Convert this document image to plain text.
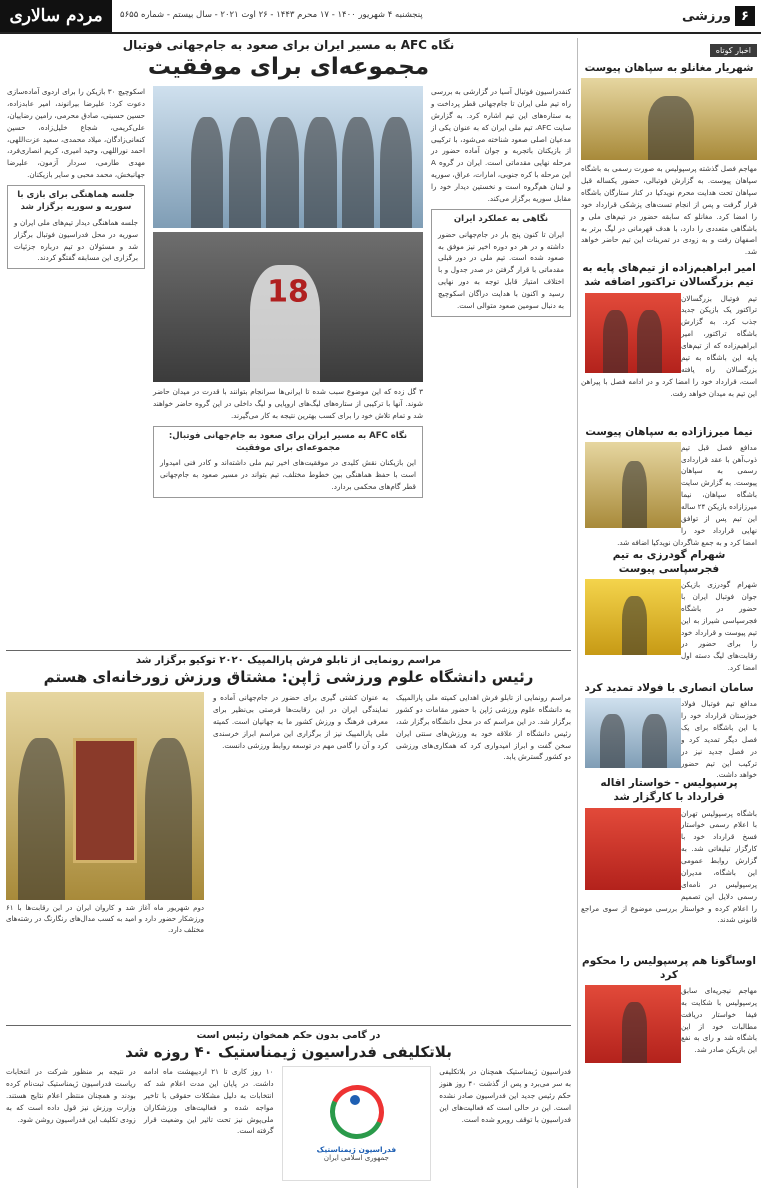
۶
ورزشی
پنجشنبه ۴ شهریور ۱۴۰۰ - ۱۷ محرم ۱۴۴۳ - ۲۶ اوت ۲۰۲۱ - سال بیستم - شماره ۵۶۵۵
مردم سالاری
اخبار کوتاه
شهریار مغانلو به سپاهان پیوست
مهاجم فصل گذشته پرسپولیس به صورت رسمی به باشگاه سپاهان پیوست. به گزارش فوتبالی، حضور یکساله قبل سپاهان تحت هدایت محرم نویدکیا در کنار ستارگان باشگاه قرار گرفت و پس از انجام تست‌های پزشکی قرارداد خود را امضا کرد. مغانلو که سابقه حضور در تیم‌های ملی و باشگاهی متعددی را دارد، با هدف قهرمانی در لیگ برتر به اصفهان رفت و به زودی در تمرینات این تیم حاضر خواهد شد.
امیر ابراهیم‌زاده از تیم‌های پایه به تیم بزرگسالان تراکتور اضافه شد
تیم فوتبال بزرگسالان تراکتور یک بازیکن جدید جذب کرد. به گزارش باشگاه تراکتور، امیر ابراهیم‌زاده که از تیم‌های پایه این باشگاه به تیم بزرگسالان راه یافته است، قرارداد خود را امضا کرد و در ادامه فصل با پیراهن این تیم به میدان خواهد رفت.
نیما میرزازاده به سپاهان پیوست
مدافع فصل قبل تیم ذوب‌آهن با عقد قراردادی رسمی به سپاهان پیوست. به گزارش سایت باشگاه سپاهان، نیما میرزازاده بازیکن ۲۴ ساله این تیم پس از توافق نهایی قرارداد خود را امضا کرد و به جمع شاگردان نویدکیا اضافه شد.
شهرام گودرزی به تیم فجرسپاسی پیوست
شهرام گودرزی بازیکن جوان فوتبال ایران با حضور در باشگاه فجرسپاسی شیراز به این تیم پیوست و قرارداد خود را برای حضور در رقابت‌های لیگ دسته اول امضا کرد.
سامان انصاری با فولاد تمدید کرد
مدافع تیم فوتبال فولاد خوزستان قرارداد خود را با این باشگاه برای یک فصل دیگر تمدید کرد و در فصل جدید نیز در ترکیب این تیم حضور خواهد داشت.
پرسپولیس - خواستار اقاله قرارداد با کارگزار شد
باشگاه پرسپولیس تهران با اعلام رسمی خواستار فسخ قرارداد خود با کارگزار تبلیغاتی شد. به گزارش روابط عمومی این باشگاه، مدیران پرسپولیس در نامه‌ای رسمی دلایل این تصمیم را اعلام کرده و خواستار بررسی موضوع از سوی مراجع قانونی شدند.
اوساگونا هم پرسپولیس را محکوم کرد
مهاجم نیجریه‌ای سابق پرسپولیس با شکایت به فیفا خواستار دریافت مطالبات خود از این باشگاه شد و رای به نفع این بازیکن صادر شد.
نگاه AFC به مسیر ایران برای صعود به جام‌جهانی فوتبال
مجموعه‌ای برای موفقیت
کنفدراسیون فوتبال آسیا در گزارشی به بررسی راه تیم ملی ایران تا جام‌جهانی قطر پرداخت و به ستاره‌های این تیم اشاره کرد. به گزارش سایت AFC، تیم ملی ایران که به عنوان یکی از مدعیان اصلی صعود شناخته می‌شود، با ترکیبی از بازیکنان باتجربه و جوان آماده حضور در مرحله نهایی مقدماتی است. ایران در گروه A این مرحله با کره جنوبی، امارات، عراق، سوریه و لبنان هم‌گروه است و نخستین دیدار خود را مقابل سوریه برگزار می‌کند.
نگاهی به عملکرد ایران
ایران تا کنون پنج بار در جام‌جهانی حضور داشته و در هر دو دوره اخیر نیز موفق به صعود شده است. تیم ملی در دور قبلی مقدماتی با قرار گرفتن در صدر جدول و با اختلاف امتیاز قابل توجه به دور نهایی رسید و اکنون با هدایت دراگان اسکوچیچ به دنبال سومین صعود متوالی است.
18
۳ گل زده که این موضوع سبب شده تا ایرانی‌ها سرانجام بتوانند با قدرت در میدان حاضر شوند. آنها با ترکیبی از ستاره‌های لیگ‌های اروپایی و لیگ داخلی در این گروه حاضر خواهند شد و تمام تلاش خود را برای کسب بهترین نتیجه به کار می‌گیرند.
نگاه AFC به مسیر ایران برای صعود به جام‌جهانی فوتبال: مجموعه‌ای برای موفقیت
این بازیکنان نقش کلیدی در موفقیت‌های اخیر تیم ملی داشته‌اند و کادر فنی امیدوار است با حفظ هماهنگی بین خطوط مختلف، تیم بتواند در مسیر صعود به جام‌جهانی قطر گام‌های محکمی بردارد.
اسکوچیچ ۳۰ بازیکن را برای اردوی آماده‌سازی دعوت کرد: علیرضا بیرانوند، امیر عابدزاده، حسین حسینی، صادق محرمی، رامین رضاییان، علی‌کریمی، شجاع خلیل‌زاده، حسین کنعانی‌زادگان، میلاد محمدی، سعید عزت‌اللهی، احمد نوراللهی، وحید امیری، کریم انصاری‌فرد، مهدی طارمی، سردار آزمون، علیرضا جهانبخش، محمد محبی و سایر بازیکنان.
جلسه هماهنگی برای بازی با سوریه و سوریه برگزار شد
جلسه هماهنگی دیدار تیم‌های ملی ایران و سوریه در محل فدراسیون فوتبال برگزار شد و مسئولان دو تیم درباره جزئیات برگزاری این مسابقه گفتگو کردند.
مراسم رونمایی از تابلو فرش پارالمپیک ۲۰۲۰ توکیو برگزار شد
رئیس دانشگاه علوم ورزشی ژاپن: مشتاق ورزش زورخانه‌ای هستم
مراسم رونمایی از تابلو فرش اهدایی کمیته ملی پارالمپیک به دانشگاه علوم ورزشی ژاپن با حضور مقامات دو کشور برگزار شد. در این مراسم که در محل دانشگاه برگزار شد، رئیس دانشگاه از علاقه خود به ورزش‌های سنتی ایران سخن گفت و ابراز امیدواری کرد که همکاری‌های ورزشی دو کشور گسترش یابد.
به عنوان کشتی گیری برای حضور در جام‌جهانی آماده و نمایندگی ایران در این رقابت‌ها فرصتی بی‌نظیر برای معرفی فرهنگ و ورزش کشور ما به جهانیان است. کمیته ملی پارالمپیک نیز از برگزاری این مراسم ابراز خرسندی کرد و آن را گامی مهم در توسعه روابط ورزشی دانست.
دوم شهریور ماه آغاز شد و کاروان ایران در این رقابت‌ها با ۶۱ ورزشکار حضور دارد و امید به کسب مدال‌های رنگارنگ در رشته‌های مختلف دارد.
در گامی بدون حکم همخوان رئیس است
بلاتکلیفی فدراسیون ژیمناستیک ۴۰ روزه شد
فدراسیون ژیمناستیک همچنان در بلاتکلیفی به سر می‌برد و پس از گذشت ۴۰ روز هنوز حکم رئیس جدید این فدراسیون صادر نشده است. این در حالی است که فعالیت‌های این فدراسیون با توقف روبرو شده است.
فدراسیون ژیمناستیک
جمهوری اسلامی ایران
۱۰ روز کاری تا ۲۱ اردیبهشت ماه ادامه داشت. در پایان این مدت اعلام شد که انتخابات به دلیل مشکلات حقوقی با تاخیر مواجه شده و فعالیت‌های ورزشکاران ملی‌پوش نیز تحت تاثیر این وضعیت قرار گرفته است.
در نتیجه بر منظور شرکت در انتخابات ریاست فدراسیون ژیمناستیک ثبت‌نام کرده بودند و همچنان منتظر اعلام نتایج هستند. وزارت ورزش نیز قول داده است که به زودی تکلیف این فدراسیون روشن شود.
